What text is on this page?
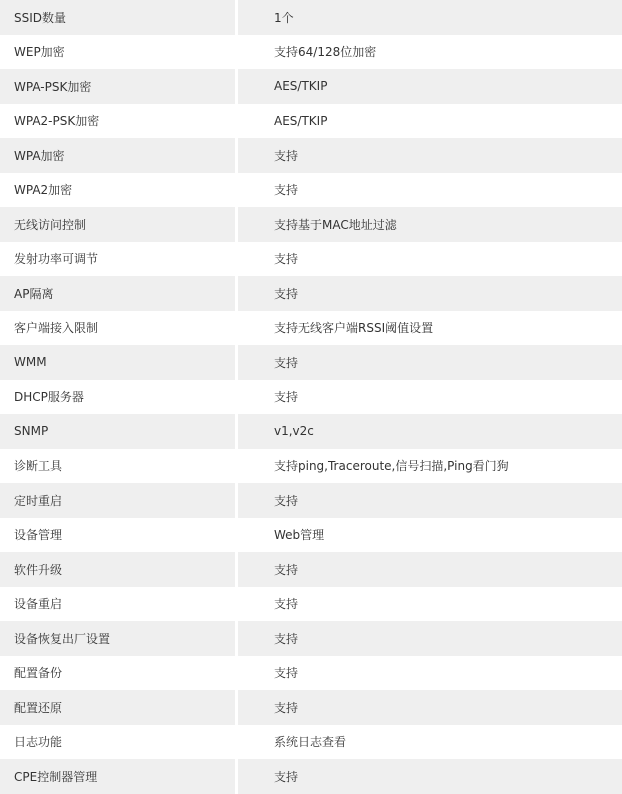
SSID数量	1个
WEP加密	支持64/128位加密
WPA-PSK加密	AES/TKIP
WPA2-PSK加密	AES/TKIP
WPA加密	支持
WPA2加密	支持
无线访问控制	支持基于MAC地址过滤
发射功率可调节	支持
AP隔离	支持
客户端接入限制	支持无线客户端RSSI阈值设置
WMM	支持
DHCP服务器	支持
SNMP	v1,v2c
诊断工具	支持ping,Traceroute,信号扫描,Ping看门狗
定时重启	支持
设备管理	Web管理
软件升级	支持
设备重启	支持
设备恢复出厂设置	支持
配置备份	支持
配置还原	支持
日志功能	系统日志查看
CPE控制器管理	支持
